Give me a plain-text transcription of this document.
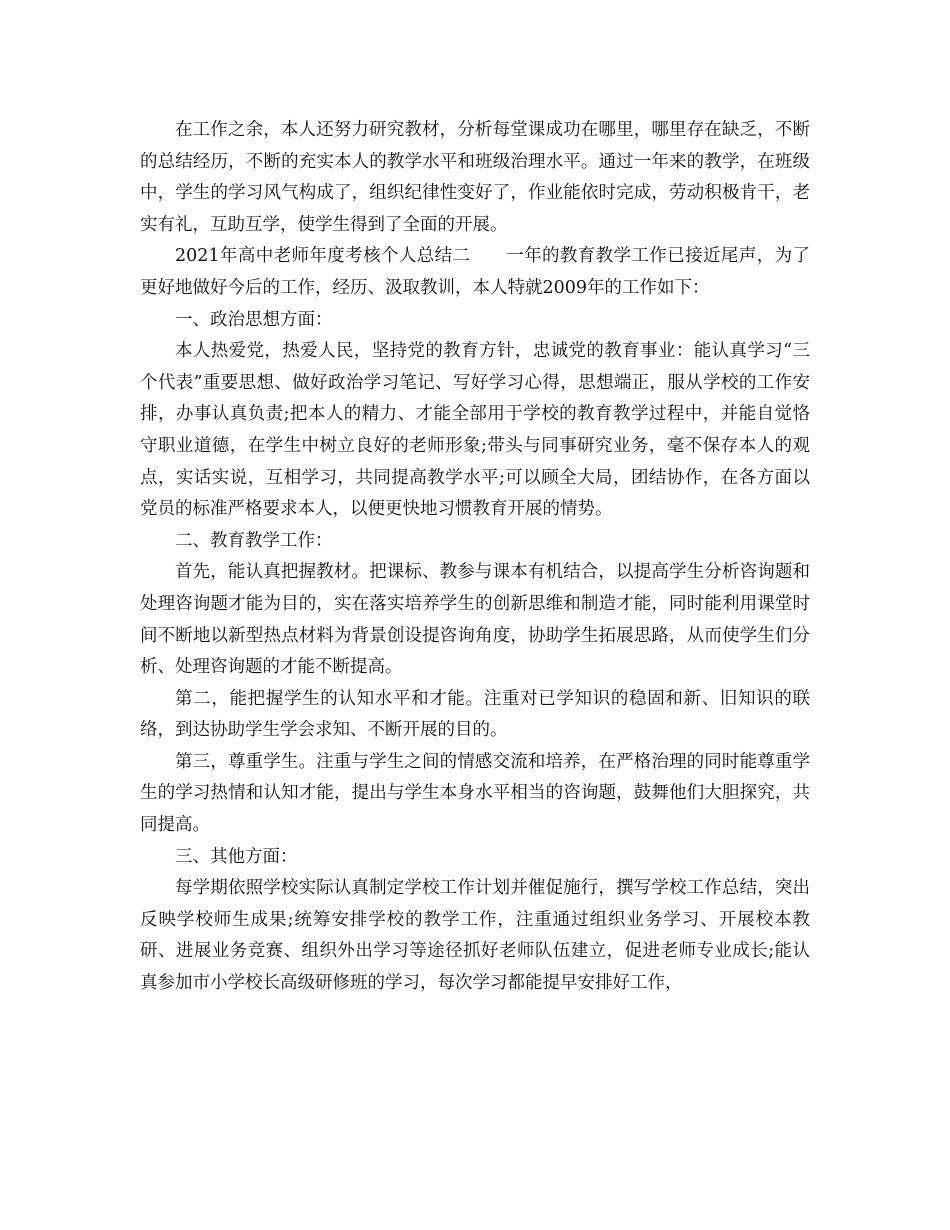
在工作之余，本人还努力研究教材，分析每堂课成功在哪里，哪里存在缺乏，不断的总结经历，不断的充实本人的教学水平和班级治理水平。通过一年来的教学，在班级中，学生的学习风气构成了，组织纪律性变好了，作业能依时完成，劳动积极肯干，老实有礼，互助互学，使学生得到了全面的开展。

2021年高中老师年度考核个人总结二　　一年的教育教学工作已接近尾声，为了更好地做好今后的工作，经历、汲取教训，本人特就2009年的工作如下：

一、政治思想方面：

本人热爱党，热爱人民，坚持党的教育方针，忠诚党的教育事业：能认真学习“三个代表”重要思想、做好政治学习笔记、写好学习心得，思想端正，服从学校的工作安排，办事认真负责;把本人的精力、才能全部用于学校的教育教学过程中，并能自觉恪守职业道德，在学生中树立良好的老师形象;带头与同事研究业务，毫不保存本人的观点，实话实说，互相学习，共同提高教学水平;可以顾全大局，团结协作，在各方面以党员的标准严格要求本人，以便更快地习惯教育开展的情势。

二、教育教学工作：

首先，能认真把握教材。把课标、教参与课本有机结合，以提高学生分析咨询题和处理咨询题才能为目的，实在落实培养学生的创新思维和制造才能，同时能利用课堂时间不断地以新型热点材料为背景创设提咨询角度，协助学生拓展思路，从而使学生们分析、处理咨询题的才能不断提高。

第二，能把握学生的认知水平和才能。注重对已学知识的稳固和新、旧知识的联络，到达协助学生学会求知、不断开展的目的。

第三，尊重学生。注重与学生之间的情感交流和培养，在严格治理的同时能尊重学生的学习热情和认知才能，提出与学生本身水平相当的咨询题，鼓舞他们大胆探究，共同提高。

三、其他方面：

每学期依照学校实际认真制定学校工作计划并催促施行，撰写学校工作总结，突出反映学校师生成果;统筹安排学校的教学工作，注重通过组织业务学习、开展校本教研、进展业务竞赛、组织外出学习等途径抓好老师队伍建立，促进老师专业成长;能认真参加市小学校长高级研修班的学习，每次学习都能提早安排好工作，
